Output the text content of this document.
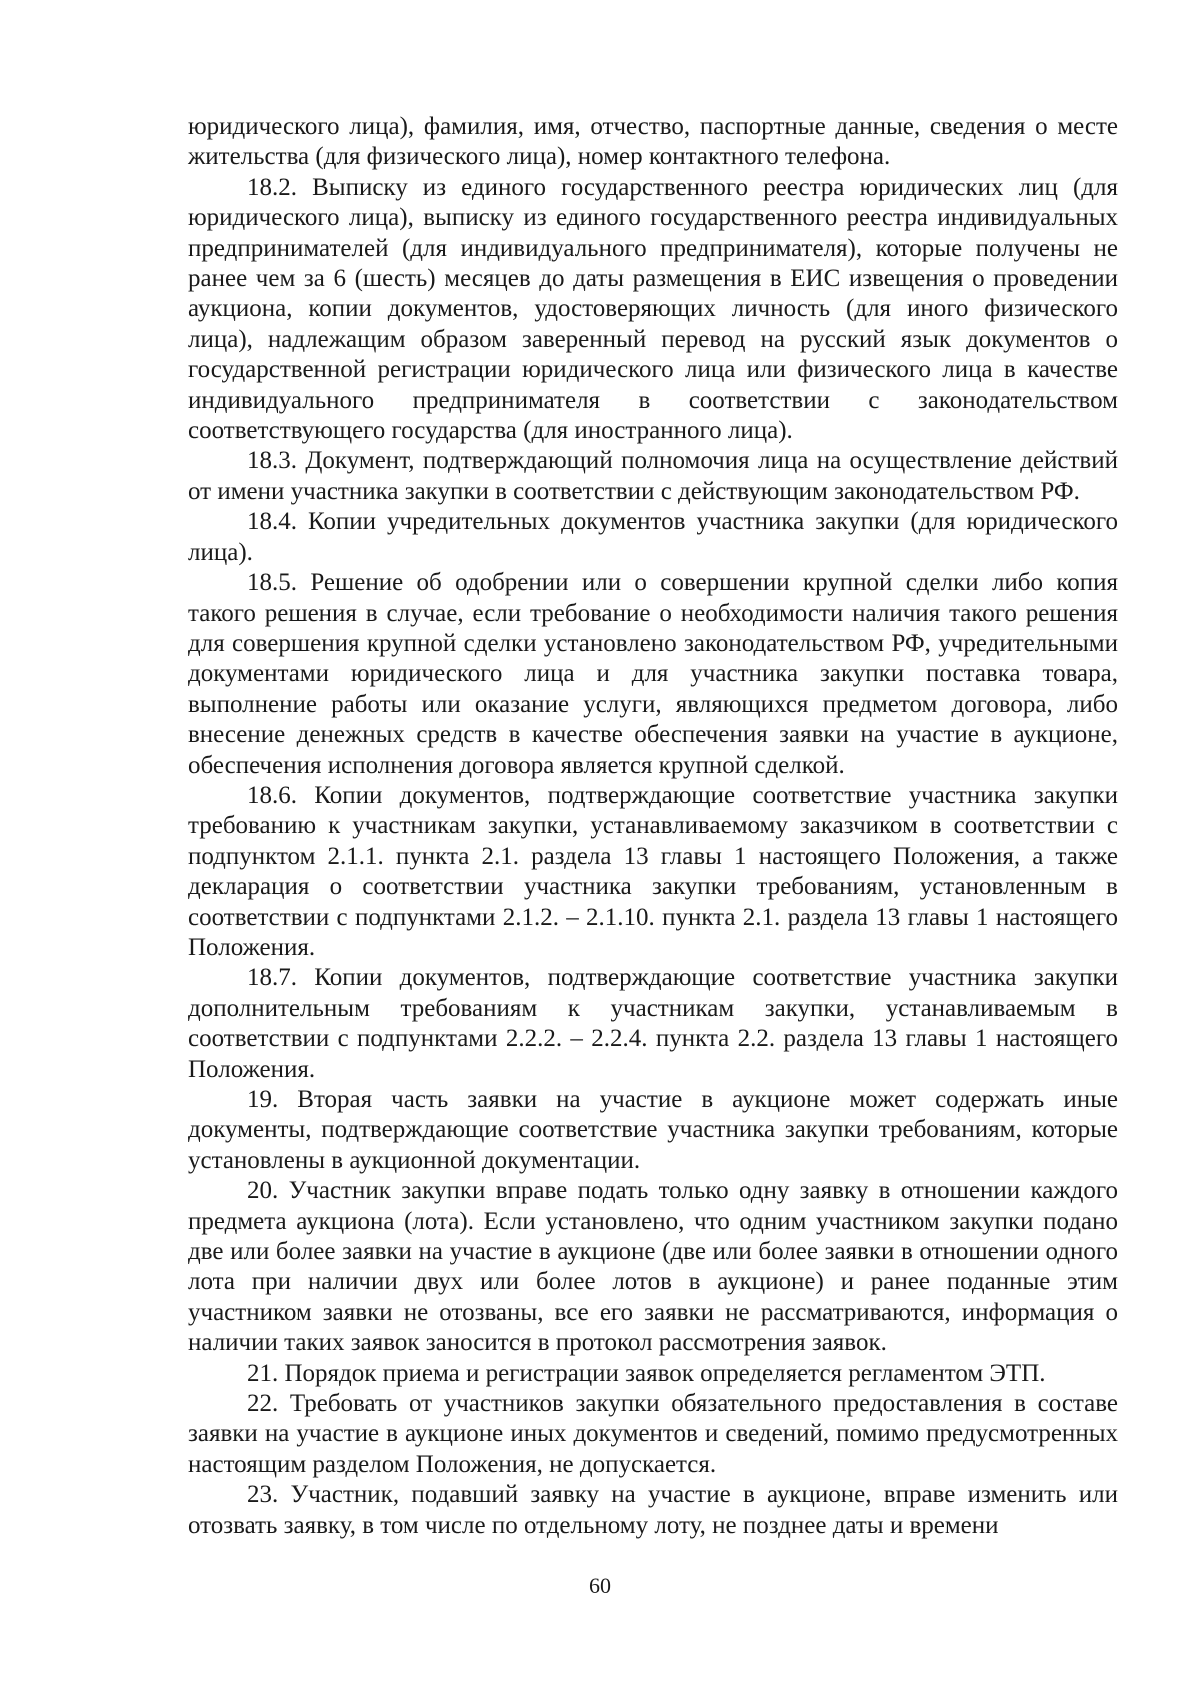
юридического лица), фамилия, имя, отчество, паспортные данные, сведения о месте жительства (для физического лица), номер контактного телефона.

18.2. Выписку из единого государственного реестра юридических лиц (для юридического лица), выписку из единого государственного реестра индивидуальных предпринимателей (для индивидуального предпринимателя), которые получены не ранее чем за 6 (шесть) месяцев до даты размещения в ЕИС извещения о проведении аукциона, копии документов, удостоверяющих личность (для иного физического лица), надлежащим образом заверенный перевод на русский язык документов о государственной регистрации юридического лица или физического лица в качестве индивидуального предпринимателя в соответствии с законодательством соответствующего государства (для иностранного лица).

18.3. Документ, подтверждающий полномочия лица на осуществление действий от имени участника закупки в соответствии с действующим законодательством РФ.

18.4. Копии учредительных документов участника закупки (для юридического лица).

18.5. Решение об одобрении или о совершении крупной сделки либо копия такого решения в случае, если требование о необходимости наличия такого решения для совершения крупной сделки установлено законодательством РФ, учредительными документами юридического лица и для участника закупки поставка товара, выполнение работы или оказание услуги, являющихся предметом договора, либо внесение денежных средств в качестве обеспечения заявки на участие в аукционе, обеспечения исполнения договора является крупной сделкой.

18.6. Копии документов, подтверждающие соответствие участника закупки требованию к участникам закупки, устанавливаемому заказчиком в соответствии с подпунктом 2.1.1. пункта 2.1. раздела 13 главы 1 настоящего Положения, а также декларация о соответствии участника закупки требованиям, установленным в соответствии с подпунктами 2.1.2. – 2.1.10. пункта 2.1. раздела 13 главы 1 настоящего Положения.

18.7. Копии документов, подтверждающие соответствие участника закупки дополнительным требованиям к участникам закупки, устанавливаемым в соответствии с подпунктами 2.2.2. – 2.2.4. пункта 2.2. раздела 13 главы 1 настоящего Положения.

19. Вторая часть заявки на участие в аукционе может содержать иные документы, подтверждающие соответствие участника закупки требованиям, которые установлены в аукционной документации.

20. Участник закупки вправе подать только одну заявку в отношении каждого предмета аукциона (лота). Если установлено, что одним участником закупки подано две или более заявки на участие в аукционе (две или более заявки в отношении одного лота при наличии двух или более лотов в аукционе) и ранее поданные этим участником заявки не отозваны, все его заявки не рассматриваются, информация о наличии таких заявок заносится в протокол рассмотрения заявок.

21. Порядок приема и регистрации заявок определяется регламентом ЭТП.

22. Требовать от участников закупки обязательного предоставления в составе заявки на участие в аукционе иных документов и сведений, помимо предусмотренных настоящим разделом Положения, не допускается.

23. Участник, подавший заявку на участие в аукционе, вправе изменить или отозвать заявку, в том числе по отдельному лоту, не позднее даты и времени

60
